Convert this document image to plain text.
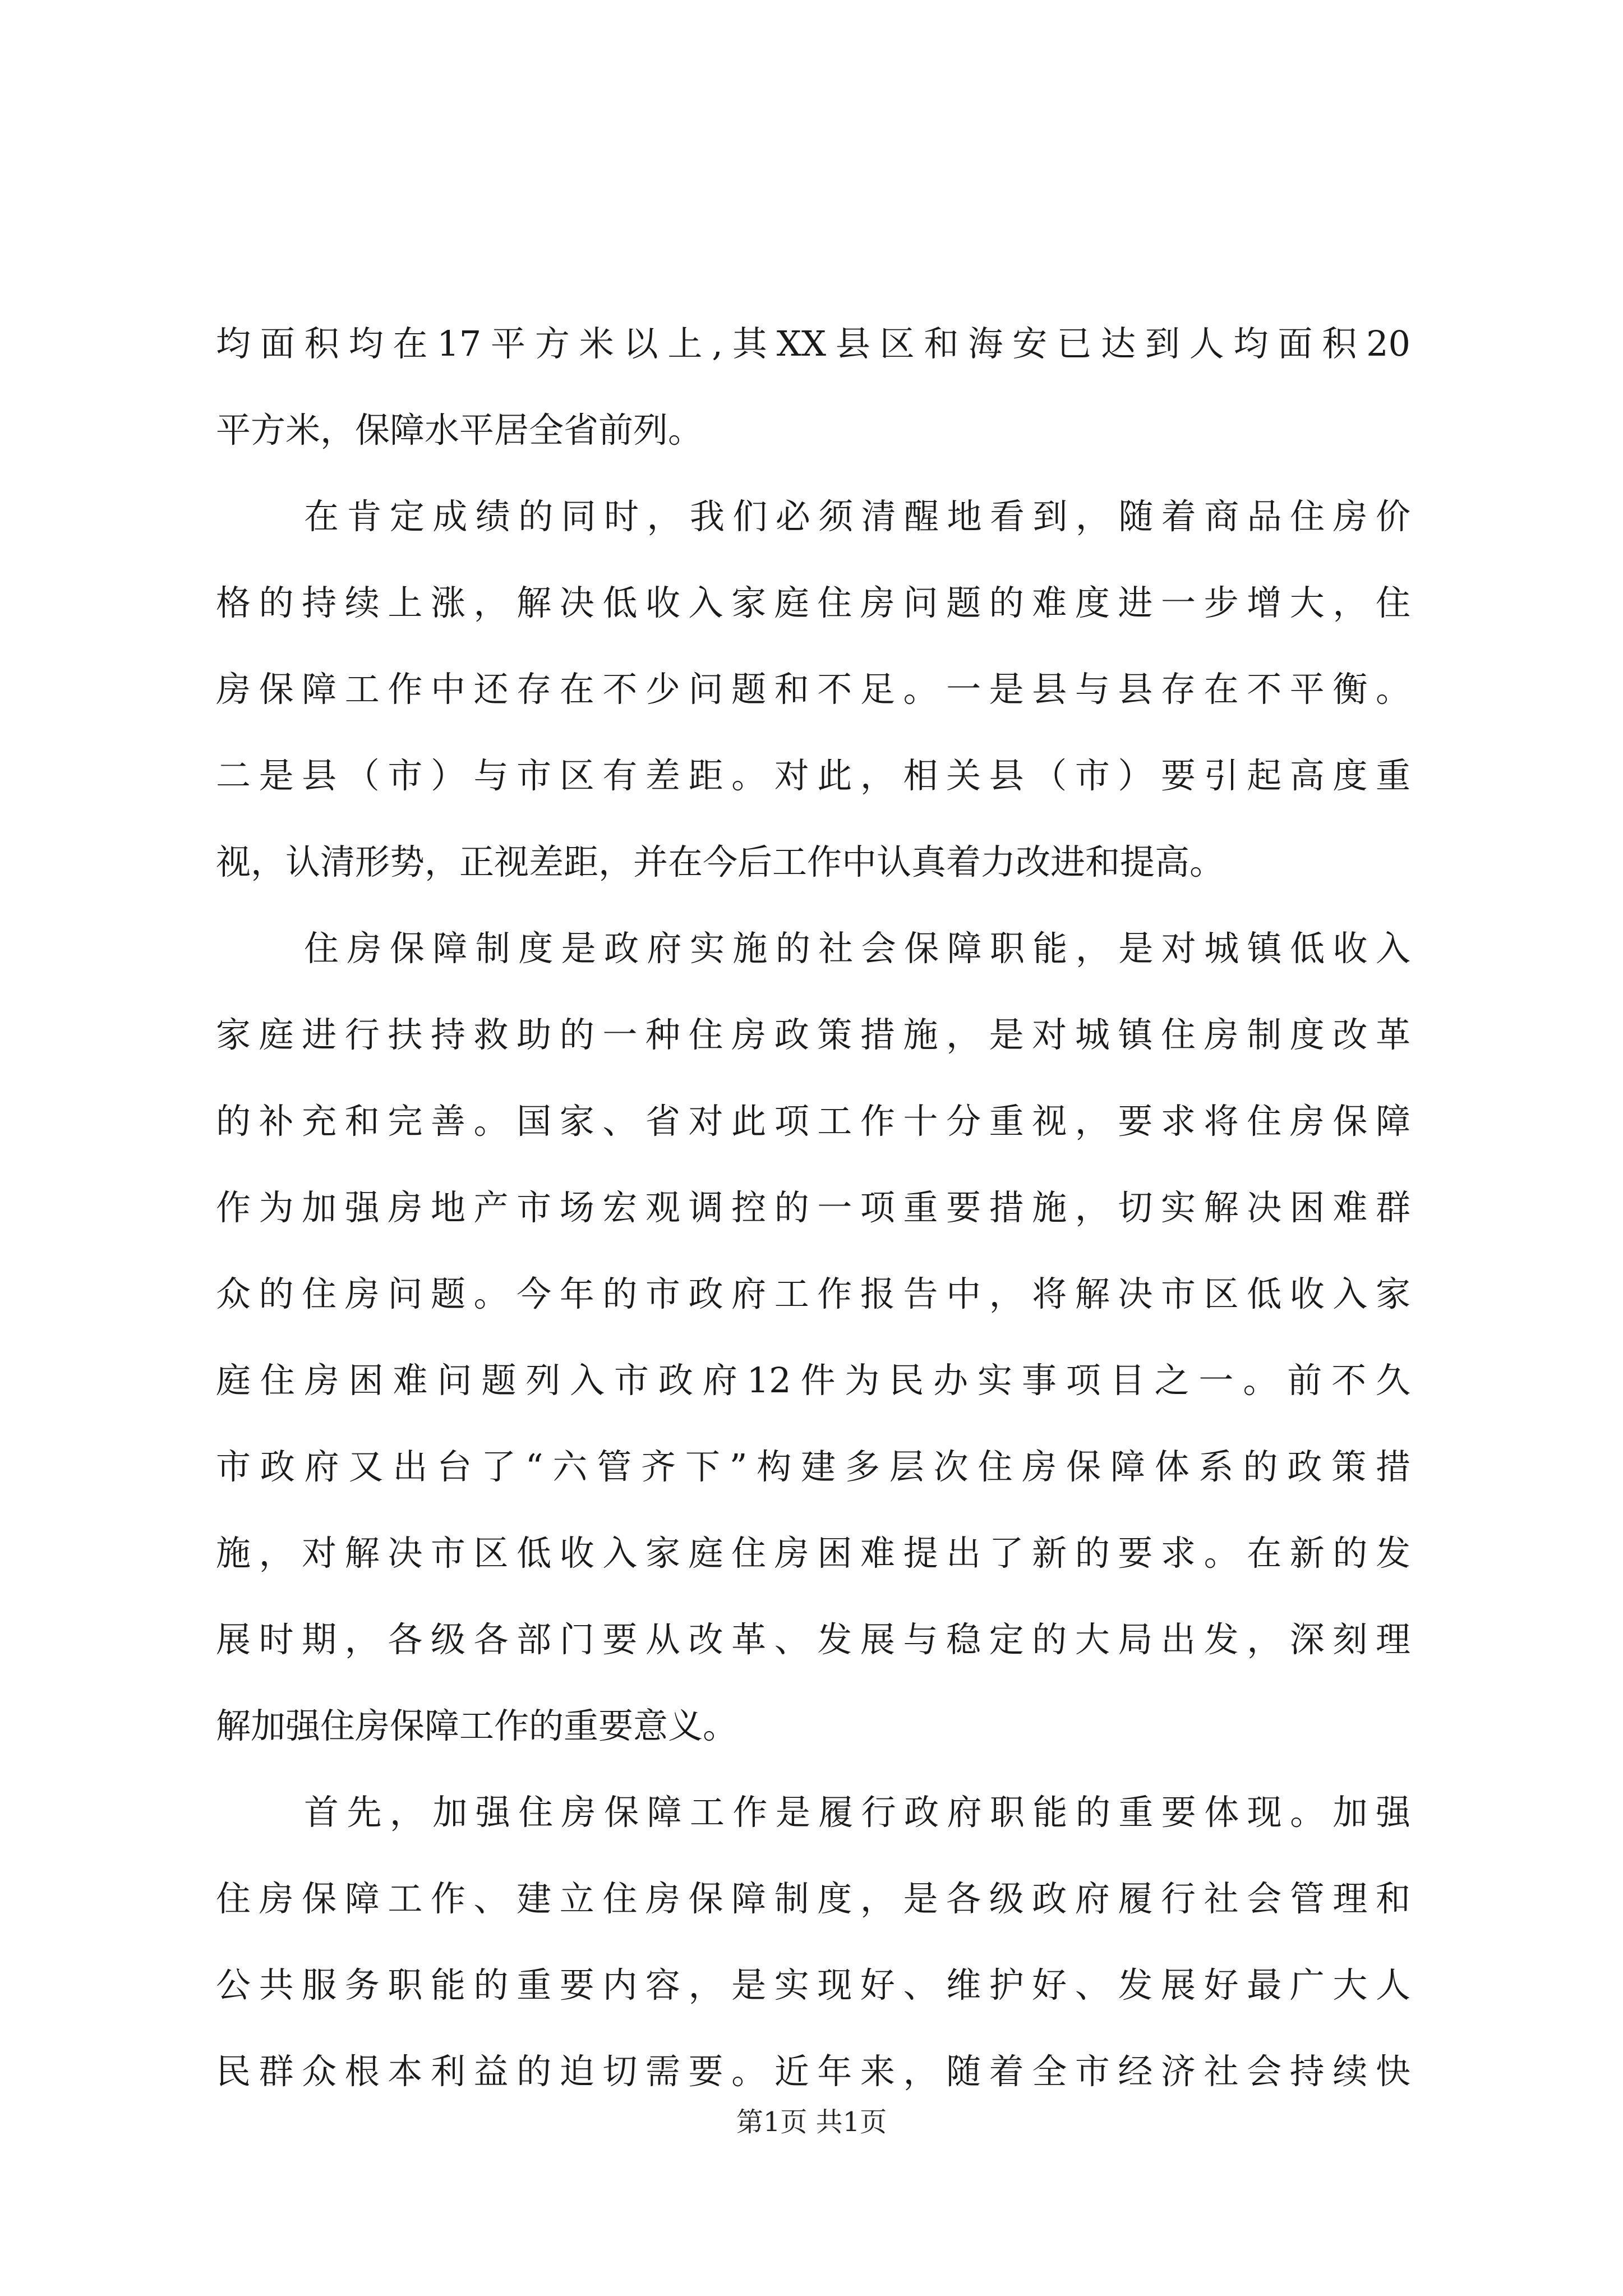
均面积均在17平方米以上,其XX县区和海安已达到人均面积20
平方米，保障水平居全省前列。
在肯定成绩的同时，我们必须清醒地看到，随着商品住房价
格的持续上涨，解决低收入家庭住房问题的难度进一步增大，住
房保障工作中还存在不少问题和不足。一是县与县存在不平衡。
二是县（市）与市区有差距。对此，相关县（市）要引起高度重
视，认清形势，正视差距，并在今后工作中认真着力改进和提高。
住房保障制度是政府实施的社会保障职能，是对城镇低收入
家庭进行扶持救助的一种住房政策措施，是对城镇住房制度改革
的补充和完善。国家、省对此项工作十分重视，要求将住房保障
作为加强房地产市场宏观调控的一项重要措施，切实解决困难群
众的住房问题。今年的市政府工作报告中，将解决市区低收入家
庭住房困难问题列入市政府12件为民办实事项目之一。前不久
市政府又出台了“六管齐下”构建多层次住房保障体系的政策措
施，对解决市区低收入家庭住房困难提出了新的要求。在新的发
展时期，各级各部门要从改革、发展与稳定的大局出发，深刻理
解加强住房保障工作的重要意义。
首先，加强住房保障工作是履行政府职能的重要体现。加强
住房保障工作、建立住房保障制度，是各级政府履行社会管理和
公共服务职能的重要内容，是实现好、维护好、发展好最广大人
民群众根本利益的迫切需要。近年来，随着全市经济社会持续快
第1页 共1页
